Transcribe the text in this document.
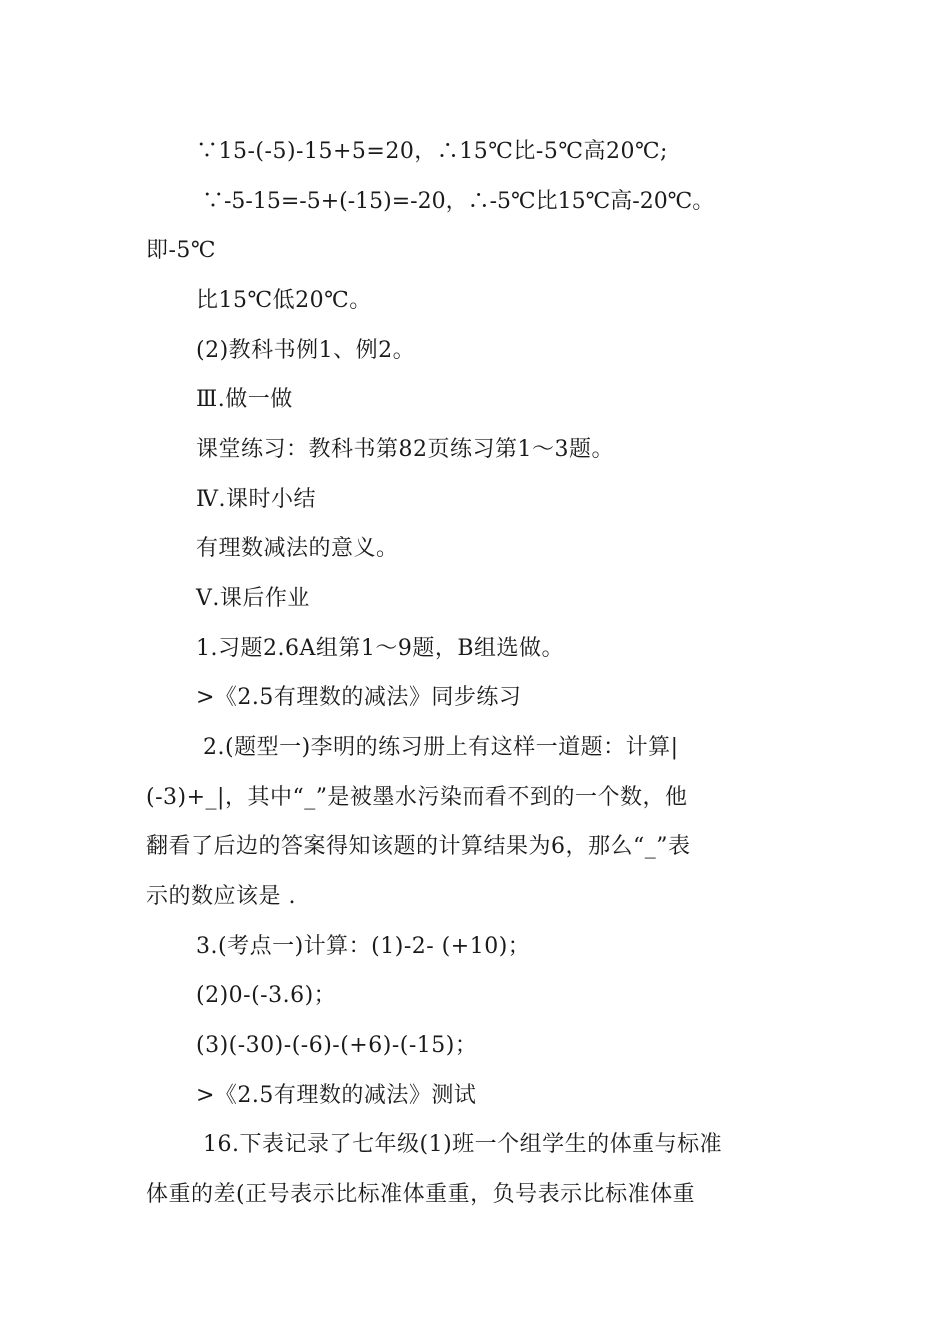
∵15-(-5)-15+5=20，∴15℃比-5℃高20℃;
∵-5-15=-5+(-15)=-20，∴-5℃比15℃高-20℃。
即-5℃
比15℃低20℃。
(2)教科书例1、例2。
Ⅲ.做一做
课堂练习：教科书第82页练习第1～3题。
Ⅳ.课时小结
有理数减法的意义。
Ⅴ.课后作业
1.习题2.6A组第1～9题，B组选做。
>《2.5有理数的减法》同步练习
2.(题型一)李明的练习册上有这样一道题：计算|
(-3)+_|，其中“_”是被墨水污染而看不到的一个数，他
翻看了后边的答案得知该题的计算结果为6，那么“_”表
示的数应该是 .
3.(考点一)计算：(1)-2- (+10)；
(2)0-(-3.6)；
(3)(-30)-(-6)-(+6)-(-15)；
>《2.5有理数的减法》测试
16.下表记录了七年级(1)班一个组学生的体重与标准
体重的差(正号表示比标准体重重，负号表示比标准体重
